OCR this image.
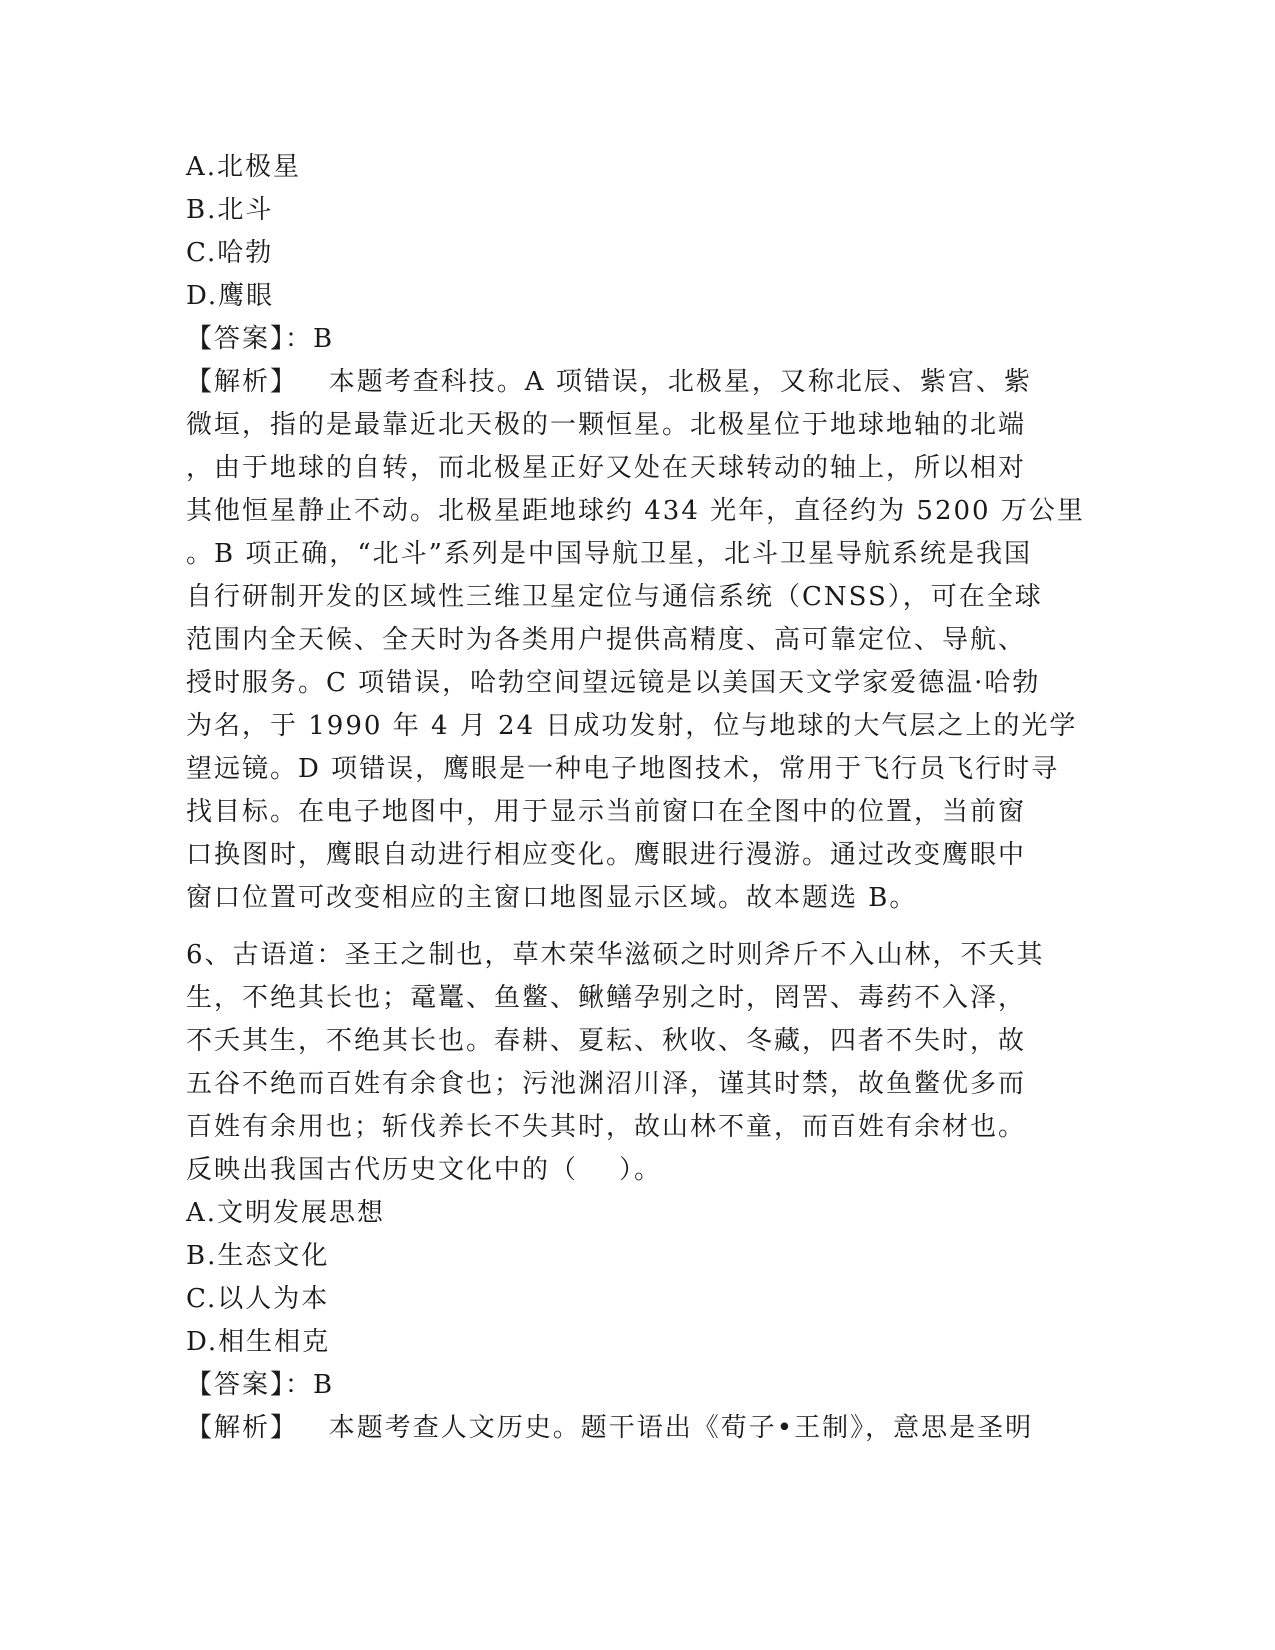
A.北极星
B.北斗
C.哈勃
D.鹰眼
【答案】：B
【解析】   本题考查科技。A 项错误，北极星，又称北辰、紫宫、紫
微垣，指的是最靠近北天极的一颗恒星。北极星位于地球地轴的北端
，由于地球的自转，而北极星正好又处在天球转动的轴上，所以相对
其他恒星静止不动。北极星距地球约 434 光年，直径约为 5200 万公里
。B 项正确，“北斗”系列是中国导航卫星，北斗卫星导航系统是我国
自行研制开发的区域性三维卫星定位与通信系统（CNSS），可在全球
范围内全天候、全天时为各类用户提供高精度、高可靠定位、导航、
授时服务。C 项错误，哈勃空间望远镜是以美国天文学家爱德温·哈勃
为名，于 1990 年 4 月 24 日成功发射，位与地球的大气层之上的光学
望远镜。D 项错误，鹰眼是一种电子地图技术，常用于飞行员飞行时寻
找目标。在电子地图中，用于显示当前窗口在全图中的位置，当前窗
口换图时，鹰眼自动进行相应变化。鹰眼进行漫游。通过改变鹰眼中
窗口位置可改变相应的主窗口地图显示区域。故本题选 B。
6、古语道：圣王之制也，草木荣华滋硕之时则斧斤不入山林，不夭其
生，不绝其长也；鼋鼍、鱼鳖、鳅鳝孕别之时，罔罟、毒药不入泽，
不夭其生，不绝其长也。春耕、夏耘、秋收、冬藏，四者不失时，故
五谷不绝而百姓有余食也；污池渊沼川泽，谨其时禁，故鱼鳖优多而
百姓有余用也；斩伐养长不失其时，故山林不童，而百姓有余材也。
反映出我国古代历史文化中的（    ）。
A.文明发展思想
B.生态文化
C.以人为本
D.相生相克
【答案】：B
【解析】   本题考查人文历史。题干语出《荀子•王制》，意思是圣明
